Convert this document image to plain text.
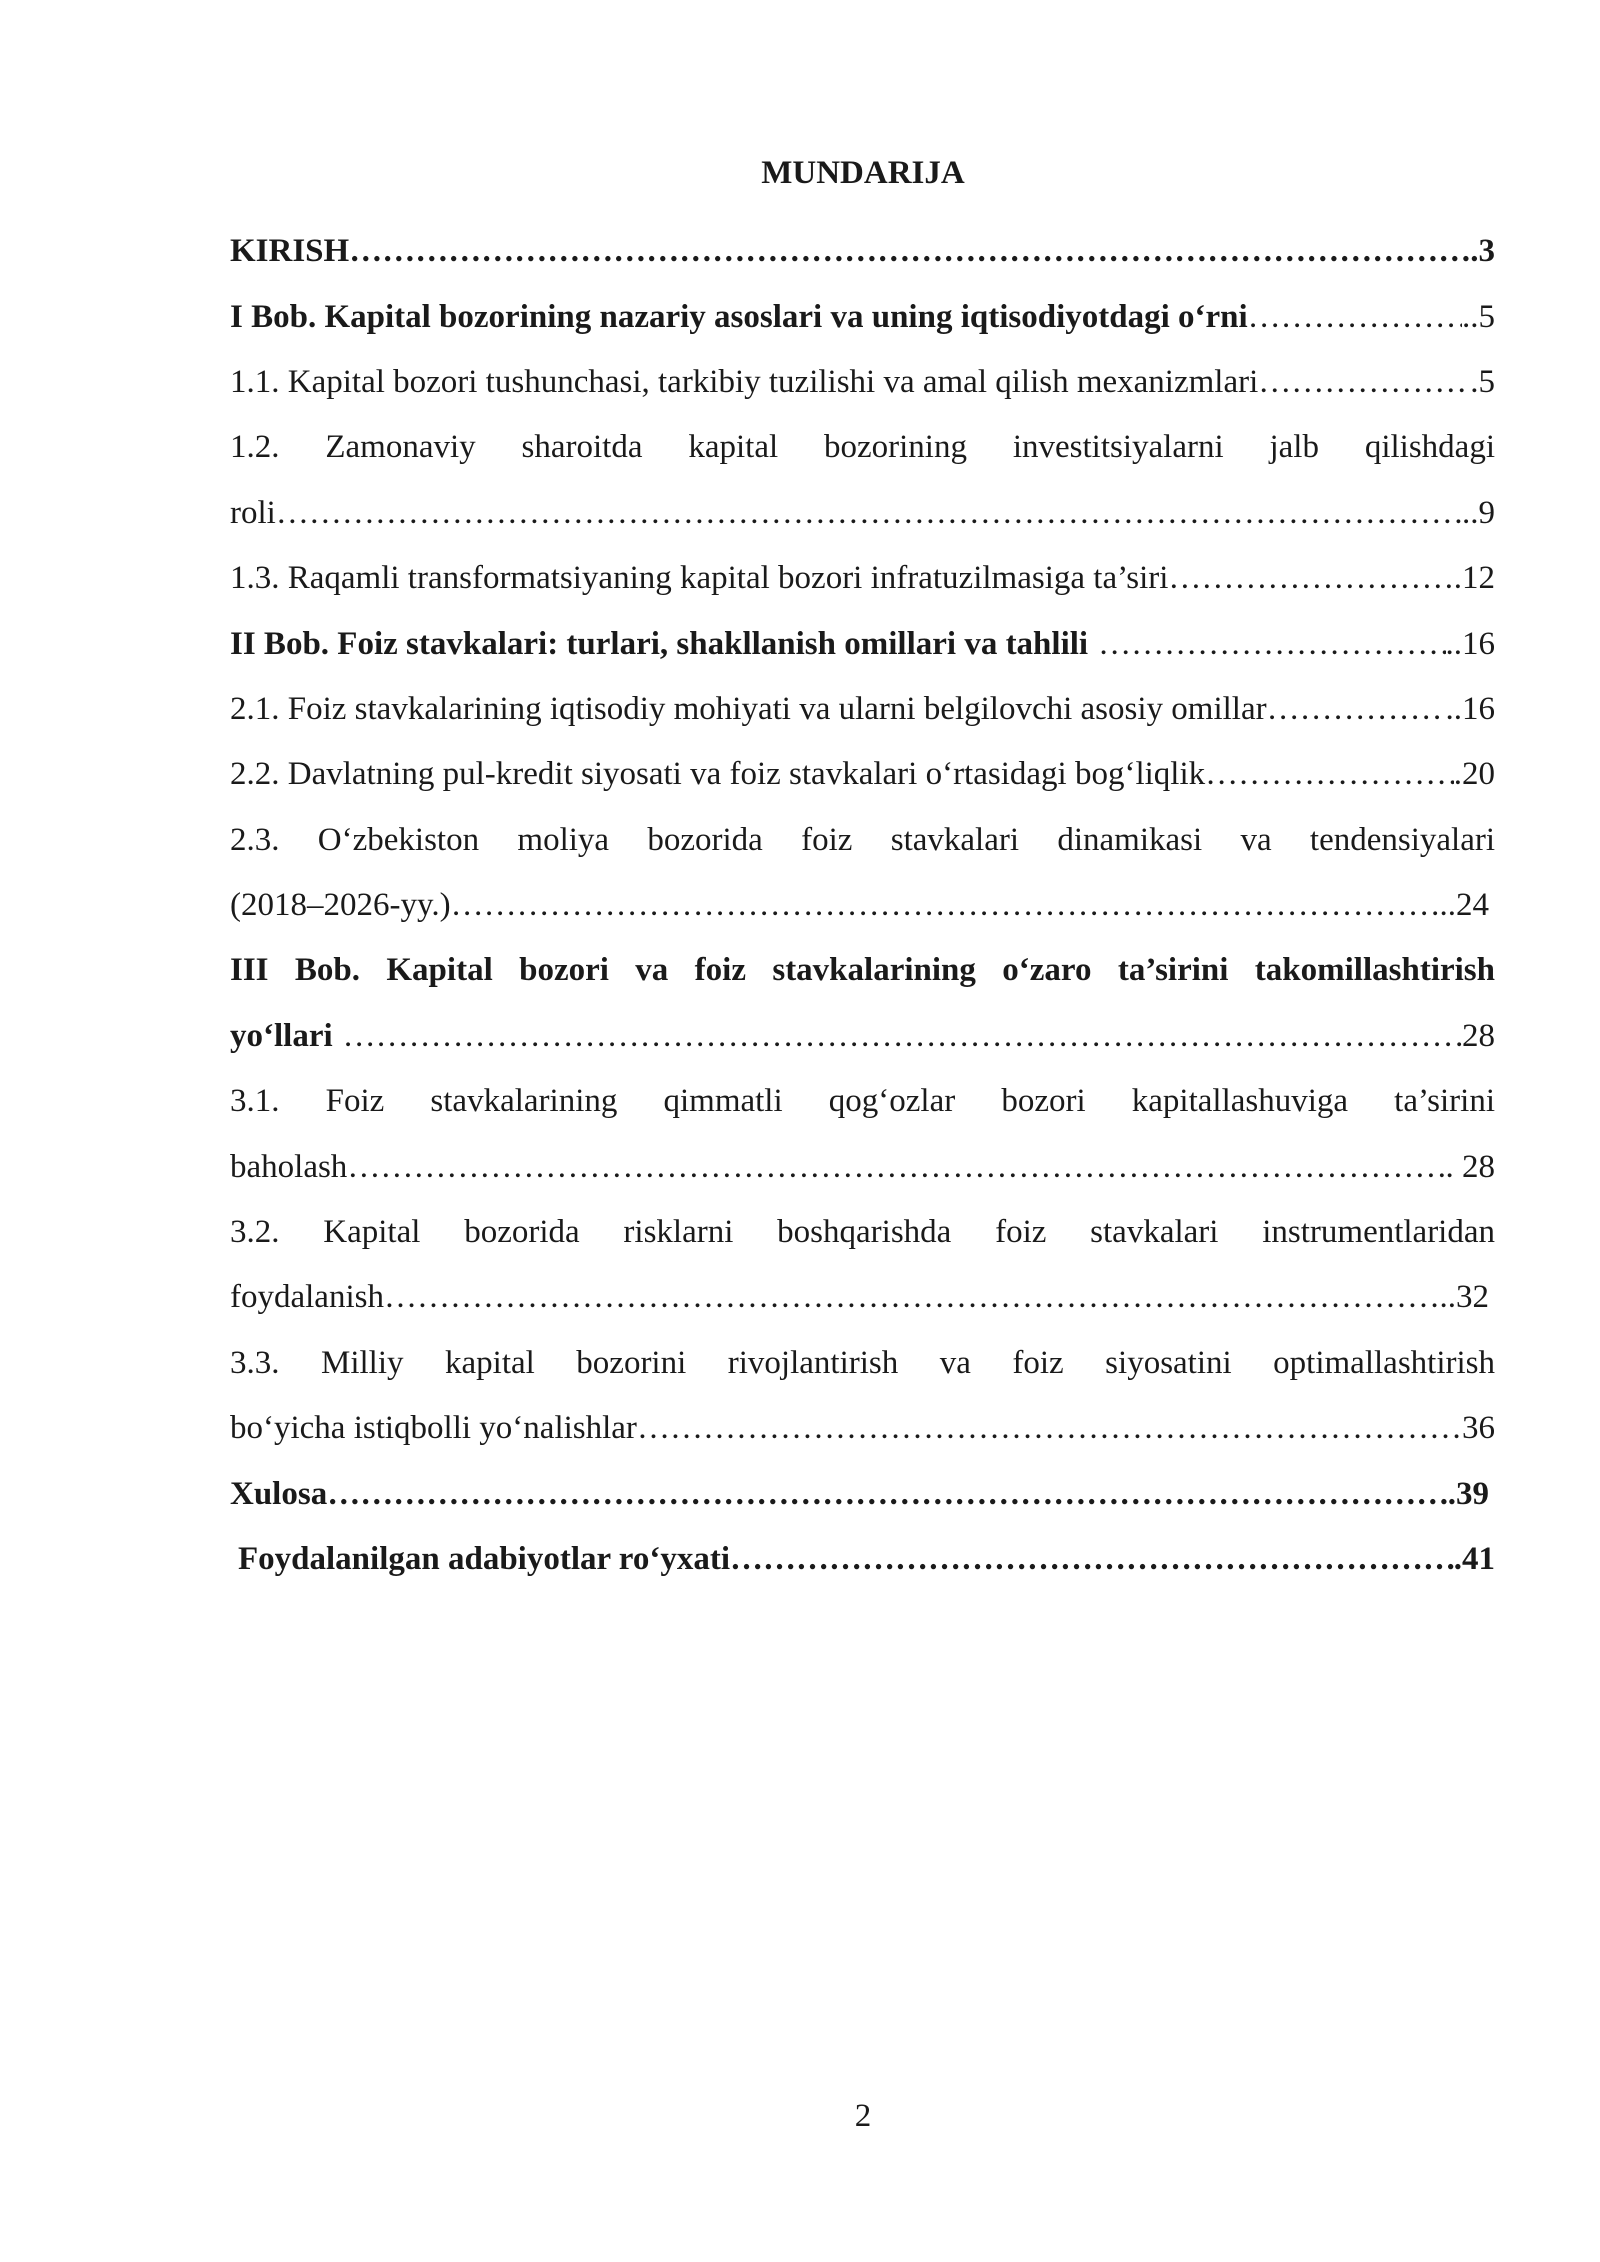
MUNDARIJA
KIRISH ………………………………………………………………………………………………………………………………………………………………………………………………	.3
I Bob. Kapital bozorining nazariy asoslari va uning iqtisodiyotdagi o‘rni ………………………………………………………………………………………………………………………………………………………………………………………………	..5
1.1. Kapital bozori tushunchasi, tarkibiy tuzilishi va amal qilish mexanizmlari ………………………………………………………………………………………………………………………………………………………………………………………………	.5
1.2. Zamonaviy sharoitda kapital bozorining investitsiyalarni jalb qilishdagi
roli ………………………………………………………………………………………………………………………………………………………………………………………………	..9
1.3. Raqamli transformatsiyaning kapital bozori infratuzilmasiga ta’siri ………………………………………………………………………………………………………………………………………………………………………………………………	.12
II Bob. Foiz stavkalari: turlari, shakllanish omillari va tahlili ………………………………………………………………………………………………………………………………………………………………………………………………	..16
2.1. Foiz stavkalarining iqtisodiy mohiyati va ularni belgilovchi asosiy omillar ………………………………………………………………………………………………………………………………………………………………………………………………	..16
2.2. Davlatning pul-kredit siyosati va foiz stavkalari o‘rtasidagi bog‘liqlik ………………………………………………………………………………………………………………………………………………………………………………………………	.20
2.3. O‘zbekiston moliya bozorida foiz stavkalari dinamikasi va tendensiyalari
(2018–2026-yy.) ………………………………………………………………………………………………………………………………………………………………………………………………	..24
III Bob. Kapital bozori va foiz stavkalarining o‘zaro ta’sirini takomillashtirish
yo‘llari ………………………………………………………………………………………………………………………………………………………………………………………………	28
3.1. Foiz stavkalarining qimmatli qog‘ozlar bozori kapitallashuviga ta’sirini
baholash ………………………………………………………………………………………………………………………………………………………………………………………………	. 28
3.2. Kapital bozorida risklarni boshqarishda foiz stavkalari instrumentlaridan
foydalanish ………………………………………………………………………………………………………………………………………………………………………………………………	..32
3.3. Milliy kapital bozorini rivojlantirish va foiz siyosatini optimallashtirish
bo‘yicha istiqbolli yo‘nalishlar ………………………………………………………………………………………………………………………………………………………………………………………………	36
Xulosa ………………………………………………………………………………………………………………………………………………………………………………………………	.39
Foydalanilgan adabiyotlar ro‘yxati ………………………………………………………………………………………………………………………………………………………………………………………………	.41
2
